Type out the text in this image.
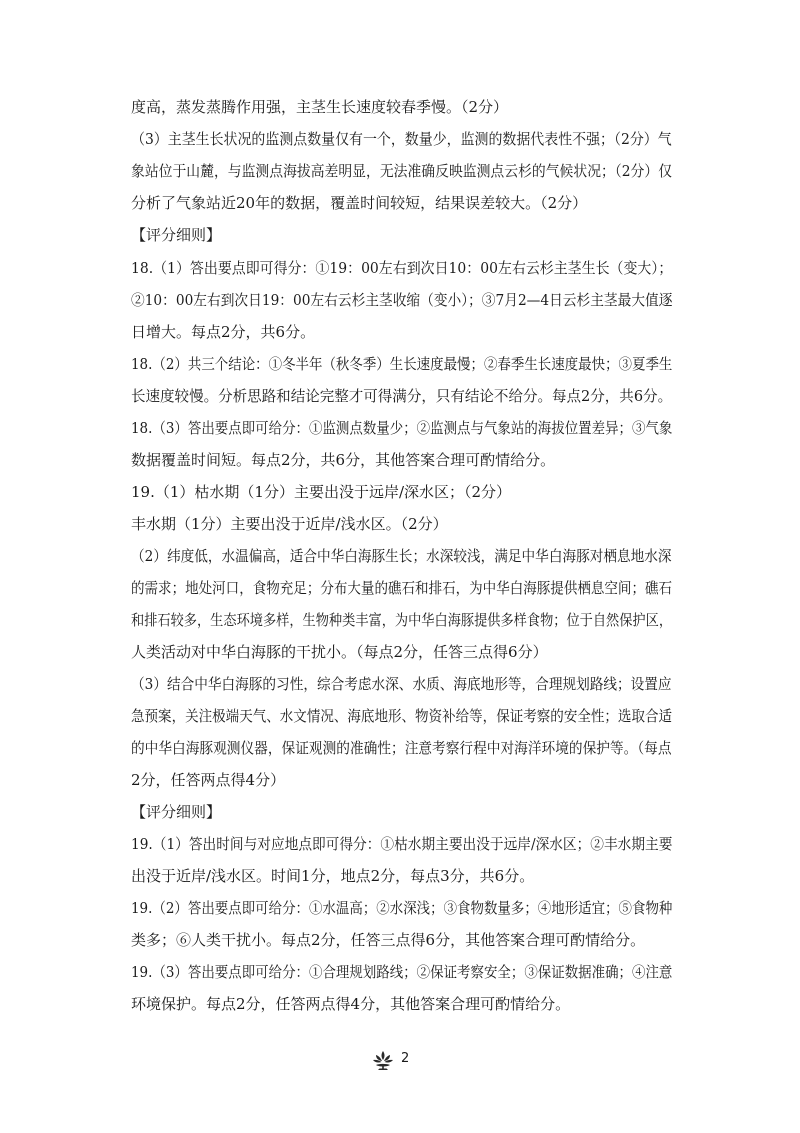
度高，蒸发蒸腾作用强，主茎生长速度较春季慢。（2分）
（3）主茎生长状况的监测点数量仅有一个，数量少，监测的数据代表性不强；（2分）气
象站位于山麓，与监测点海拔高差明显，无法准确反映监测点云杉的气候状况；（2分）仅
分析了气象站近20年的数据，覆盖时间较短，结果误差较大。（2分）
【评分细则】
18.（1）答出要点即可得分：①19：00左右到次日10：00左右云杉主茎生长（变大）；
②10：00左右到次日19：00左右云杉主茎收缩（变小）；③7月2—4日云杉主茎最大值逐
日增大。每点2分，共6分。
18.（2）共三个结论：①冬半年（秋冬季）生长速度最慢；②春季生长速度最快；③夏季生
长速度较慢。分析思路和结论完整才可得满分，只有结论不给分。每点2分，共6分。
18.（3）答出要点即可给分：①监测点数量少；②监测点与气象站的海拔位置差异；③气象
数据覆盖时间短。每点2分，共6分，其他答案合理可酌情给分。
19.（1）枯水期（1分）主要出没于远岸/深水区；（2分）
丰水期（1分）主要出没于近岸/浅水区。（2分）
（2）纬度低，水温偏高，适合中华白海豚生长；水深较浅，满足中华白海豚对栖息地水深
的需求；地处河口，食物充足；分布大量的礁石和排石，为中华白海豚提供栖息空间；礁石
和排石较多，生态环境多样，生物种类丰富，为中华白海豚提供多样食物；位于自然保护区，
人类活动对中华白海豚的干扰小。（每点2分，任答三点得6分）
（3）结合中华白海豚的习性，综合考虑水深、水质、海底地形等，合理规划路线；设置应
急预案，关注极端天气、水文情况、海底地形、物资补给等，保证考察的安全性；选取合适
的中华白海豚观测仪器，保证观测的准确性；注意考察行程中对海洋环境的保护等。（每点
2分，任答两点得4分）
【评分细则】
19.（1）答出时间与对应地点即可得分：①枯水期主要出没于远岸/深水区；②丰水期主要
出没于近岸/浅水区。时间1分，地点2分，每点3分，共6分。
19.（2）答出要点即可给分：①水温高；②水深浅；③食物数量多；④地形适宜；⑤食物种
类多；⑥人类干扰小。每点2分，任答三点得6分，其他答案合理可酌情给分。
19.（3）答出要点即可给分：①合理规划路线；②保证考察安全；③保证数据准确；④注意
环境保护。每点2分，任答两点得4分，其他答案合理可酌情给分。
2
